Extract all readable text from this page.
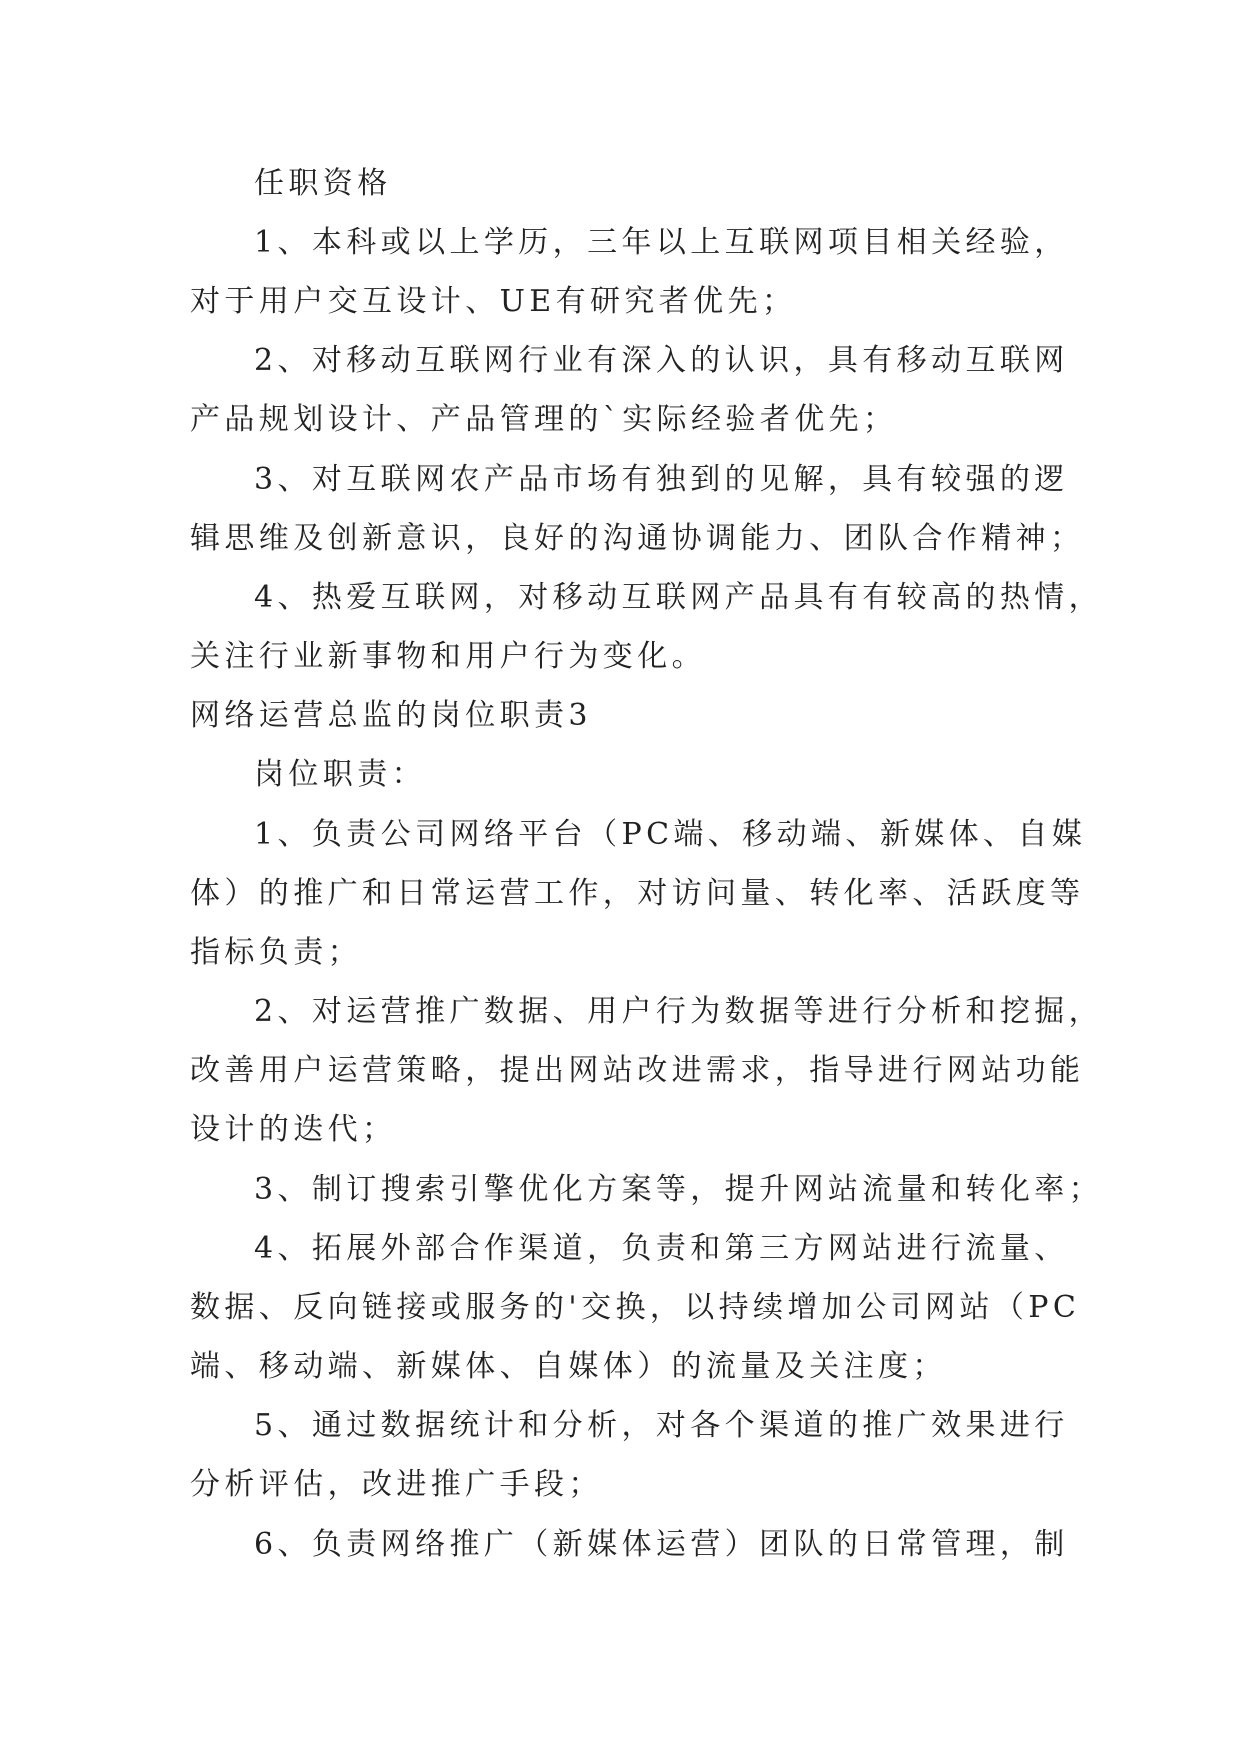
任职资格
1、本科或以上学历，三年以上互联网项目相关经验，
对于用户交互设计、UE有研究者优先；
2、对移动互联网行业有深入的认识，具有移动互联网
产品规划设计、产品管理的`实际经验者优先；
3、对互联网农产品市场有独到的见解，具有较强的逻
辑思维及创新意识，良好的沟通协调能力、团队合作精神；
4、热爱互联网，对移动互联网产品具有有较高的热情，
关注行业新事物和用户行为变化。
网络运营总监的岗位职责3
岗位职责：
1、负责公司网络平台（PC端、移动端、新媒体、自媒
体）的推广和日常运营工作，对访问量、转化率、活跃度等
指标负责；
2、对运营推广数据、用户行为数据等进行分析和挖掘，
改善用户运营策略，提出网站改进需求，指导进行网站功能
设计的迭代；
3、制订搜索引擎优化方案等，提升网站流量和转化率；
4、拓展外部合作渠道，负责和第三方网站进行流量、
数据、反向链接或服务的'交换，以持续增加公司网站（PC
端、移动端、新媒体、自媒体）的流量及关注度；
5、通过数据统计和分析，对各个渠道的推广效果进行
分析评估，改进推广手段；
6、负责网络推广（新媒体运营）团队的日常管理，制
